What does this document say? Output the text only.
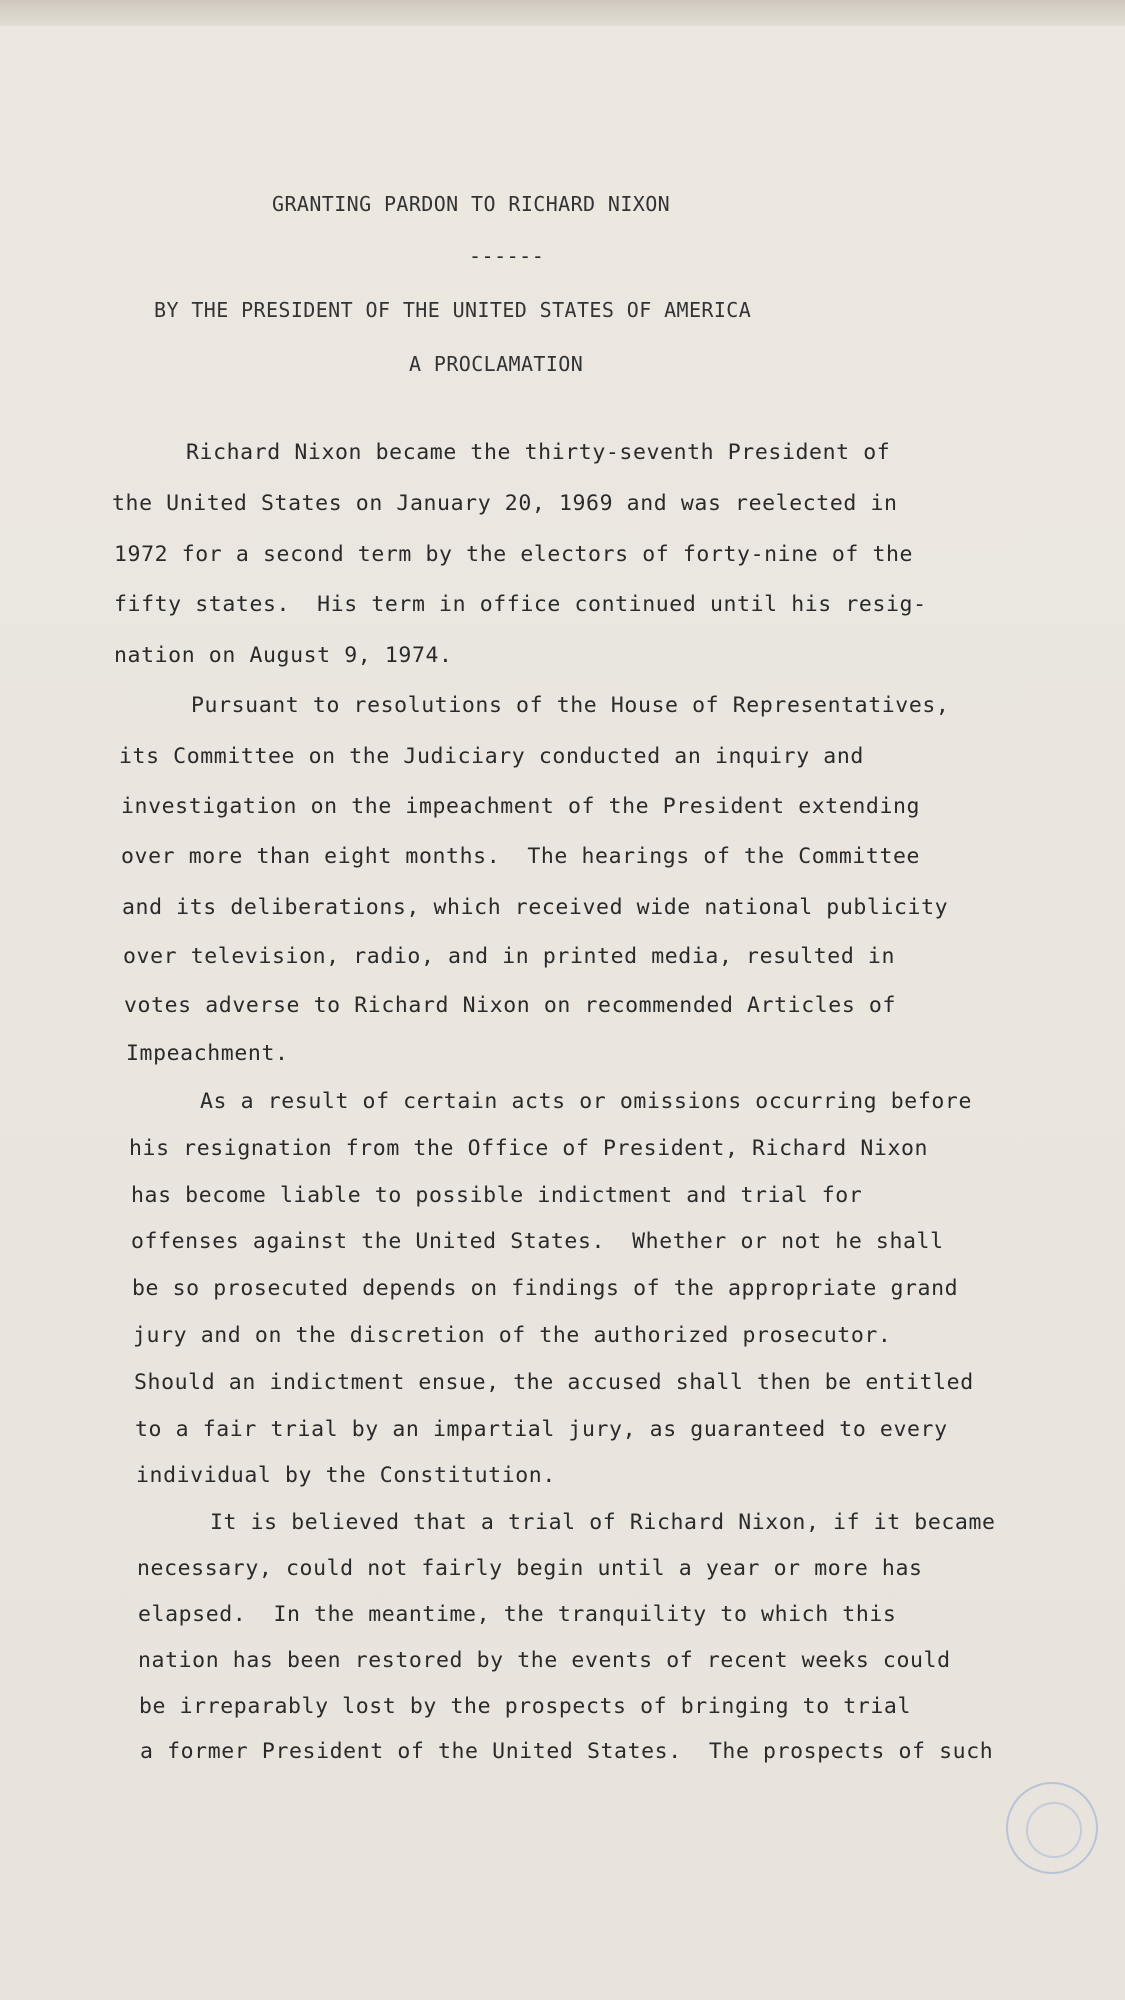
GRANTING PARDON TO RICHARD NIXON

------

BY THE PRESIDENT OF THE UNITED STATES OF AMERICA

A PROCLAMATION

Richard Nixon became the thirty-seventh President of

the United States on January 20, 1969 and was reelected in

1972 for a second term by the electors of forty-nine of the

fifty states.  His term in office continued until his resig-

nation on August 9, 1974.

Pursuant to resolutions of the House of Representatives,

its Committee on the Judiciary conducted an inquiry and

investigation on the impeachment of the President extending

over more than eight months.  The hearings of the Committee

and its deliberations, which received wide national publicity

over television, radio, and in printed media, resulted in

votes adverse to Richard Nixon on recommended Articles of

Impeachment.

As a result of certain acts or omissions occurring before

his resignation from the Office of President, Richard Nixon

has become liable to possible indictment and trial for

offenses against the United States.  Whether or not he shall

be so prosecuted depends on findings of the appropriate grand

jury and on the discretion of the authorized prosecutor.

Should an indictment ensue, the accused shall then be entitled

to a fair trial by an impartial jury, as guaranteed to every

individual by the Constitution.

It is believed that a trial of Richard Nixon, if it became

necessary, could not fairly begin until a year or more has

elapsed.  In the meantime, the tranquility to which this

nation has been restored by the events of recent weeks could

be irreparably lost by the prospects of bringing to trial

a former President of the United States.  The prospects of such
